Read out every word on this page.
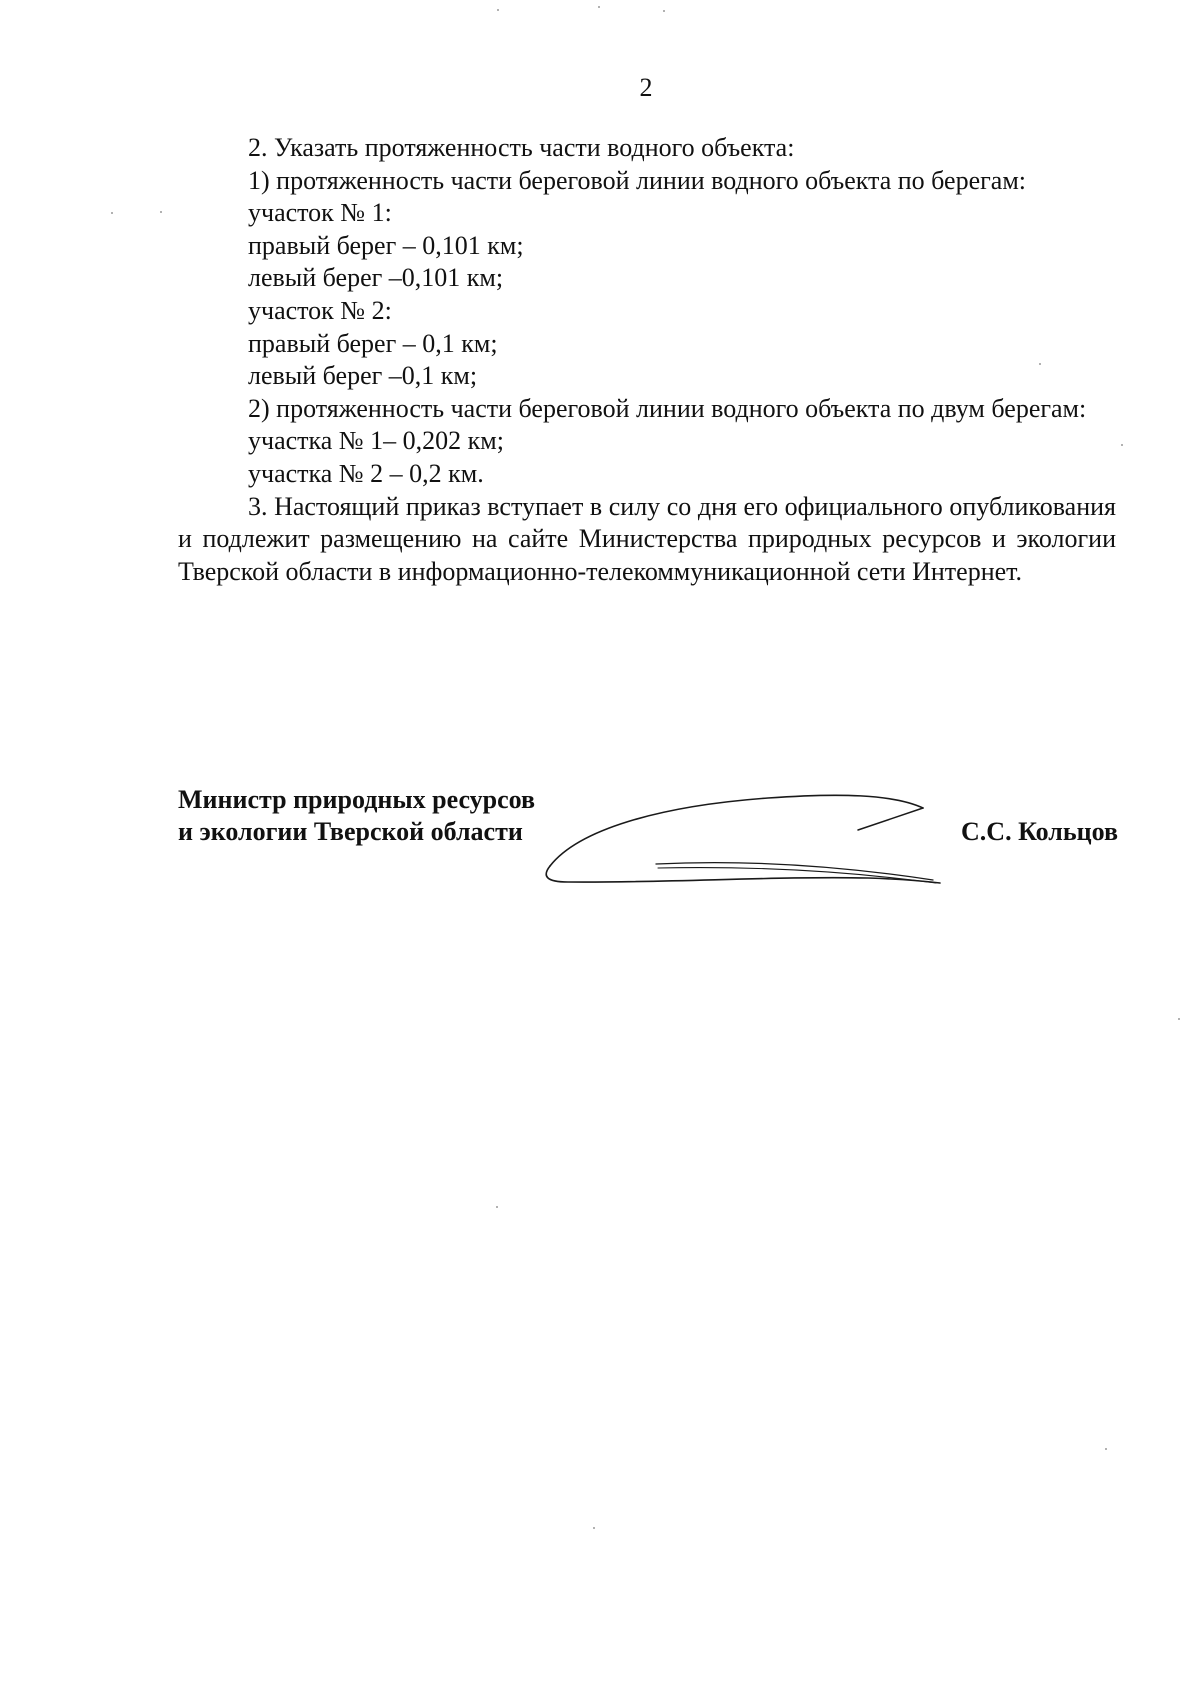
2

2. Указать протяженность части водного объекта:

1) протяженность части береговой линии водного объекта по берегам:

участок № 1:

правый берег – 0,101 км;

левый берег –0,101 км;

участок № 2:

правый берег – 0,1 км;

левый берег –0,1 км;

2) протяженность части береговой линии водного объекта по двум берегам:

участка № 1– 0,202 км;

участка № 2 – 0,2 км.

3. Настоящий приказ вступает в силу со дня его официального опубликования и подлежит размещению на сайте Министерства природных ресурсов и экологии Тверской области в информационно-телекоммуникационной сети Интернет.

Министр природных ресурсов
и экологии Тверской области	С.С. Кольцов
